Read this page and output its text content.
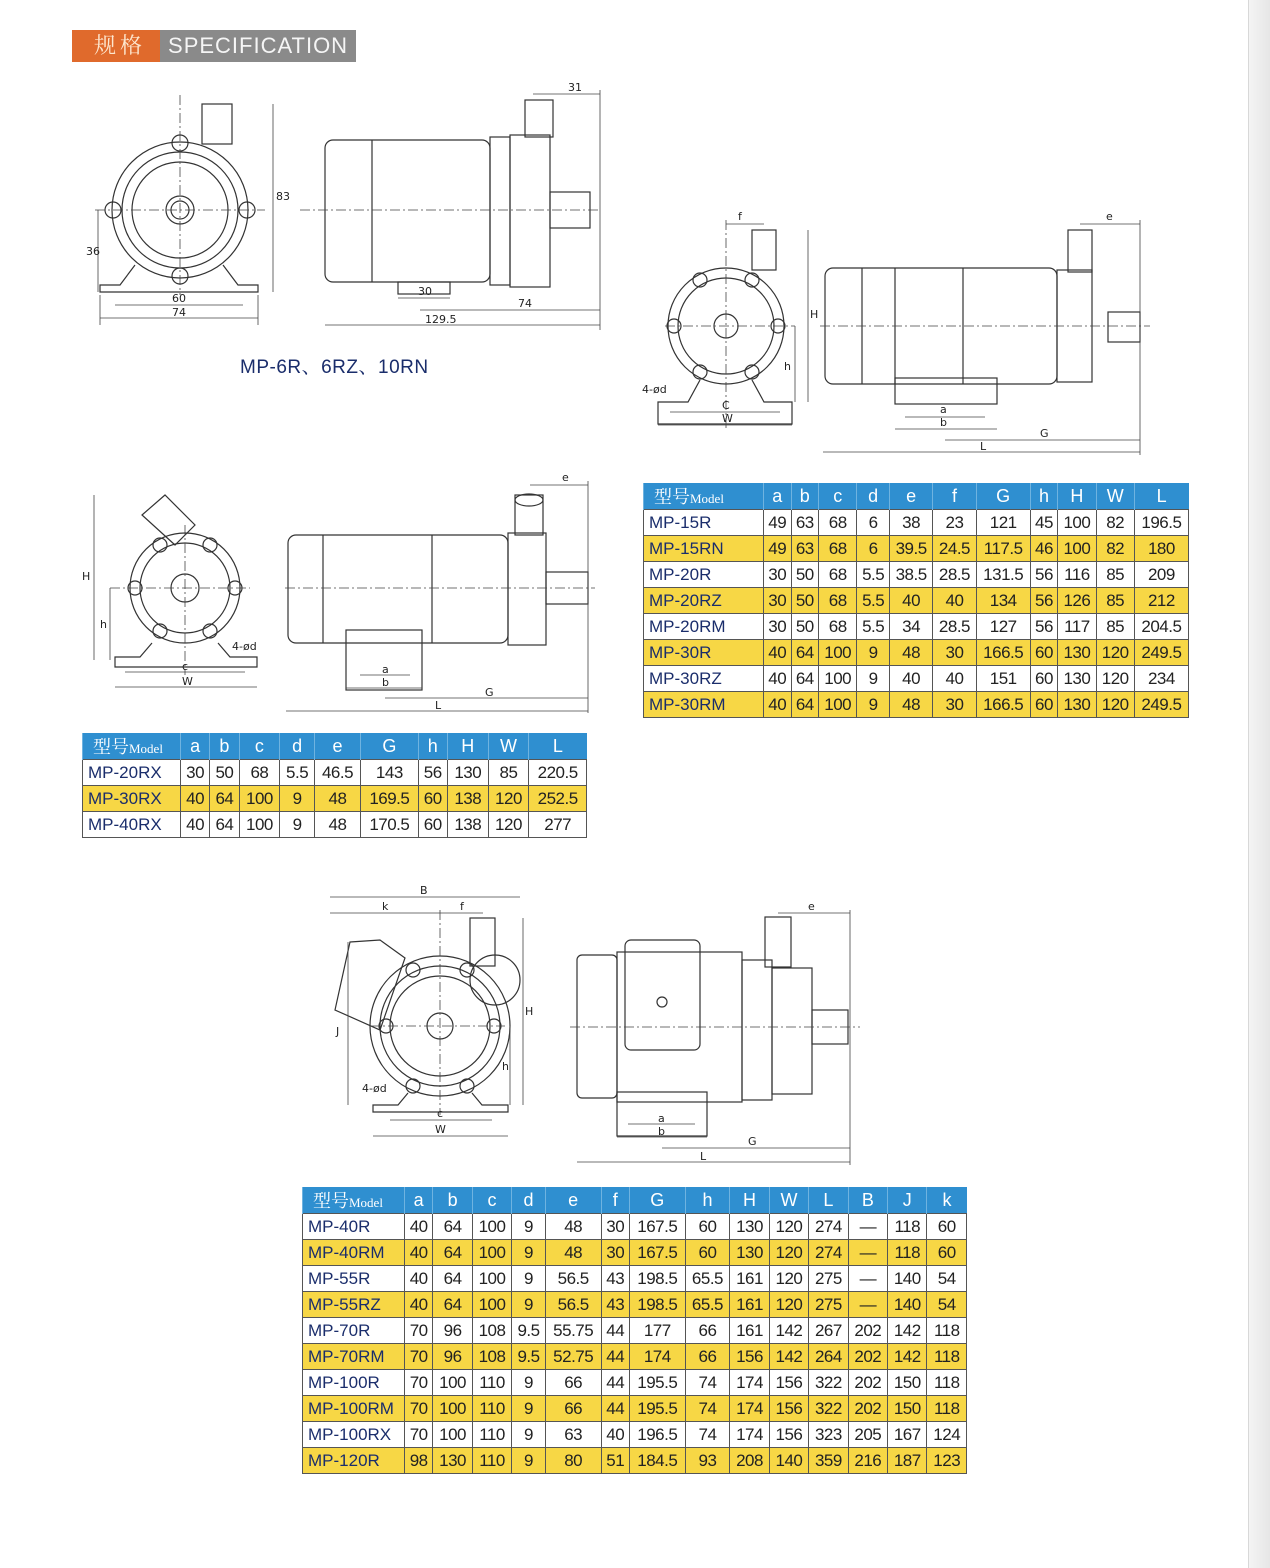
规格	SPECIFICATION
60
74
36
83
31
30
74
129.5
MP-6R、6RZ、10RN
f
H
h
4-ød
C
W
e
a
b
G
L
H
h
4-ød
c
W
e
a
b
G
L
型号Model	a	b	c	d	e	f	G	h	H	W	L
MP-15R	49	63	68	6	38	23	121	45	100	82	196.5
MP-15RN	49	63	68	6	39.5	24.5	117.5	46	100	82	180
MP-20R	30	50	68	5.5	38.5	28.5	131.5	56	116	85	209
MP-20RZ	30	50	68	5.5	40	40	134	56	126	85	212
MP-20RM	30	50	68	5.5	34	28.5	127	56	117	85	204.5
MP-30R	40	64	100	9	48	30	166.5	60	130	120	249.5
MP-30RZ	40	64	100	9	40	40	151	60	130	120	234
MP-30RM	40	64	100	9	48	30	166.5	60	130	120	249.5
型号Model	a	b	c	d	e	G	h	H	W	L
MP-20RX	30	50	68	5.5	46.5	143	56	130	85	220.5
MP-30RX	40	64	100	9	48	169.5	60	138	120	252.5
MP-40RX	40	64	100	9	48	170.5	60	138	120	277
B
k	f
J
H
h
4-ød
c
W
e
a
b
G
L
型号Model	a	b	c	d	e	f	G	h	H	W	L	B	J	k
MP-40R	40	64	100	9	48	30	167.5	60	130	120	274	—	118	60
MP-40RM	40	64	100	9	48	30	167.5	60	130	120	274	—	118	60
MP-55R	40	64	100	9	56.5	43	198.5	65.5	161	120	275	—	140	54
MP-55RZ	40	64	100	9	56.5	43	198.5	65.5	161	120	275	—	140	54
MP-70R	70	96	108	9.5	55.75	44	177	66	161	142	267	202	142	118
MP-70RM	70	96	108	9.5	52.75	44	174	66	156	142	264	202	142	118
MP-100R	70	100	110	9	66	44	195.5	74	174	156	322	202	150	118
MP-100RM	70	100	110	9	66	44	195.5	74	174	156	322	202	150	118
MP-100RX	70	100	110	9	63	40	196.5	74	174	156	323	205	167	124
MP-120R	98	130	110	9	80	51	184.5	93	208	140	359	216	187	123
